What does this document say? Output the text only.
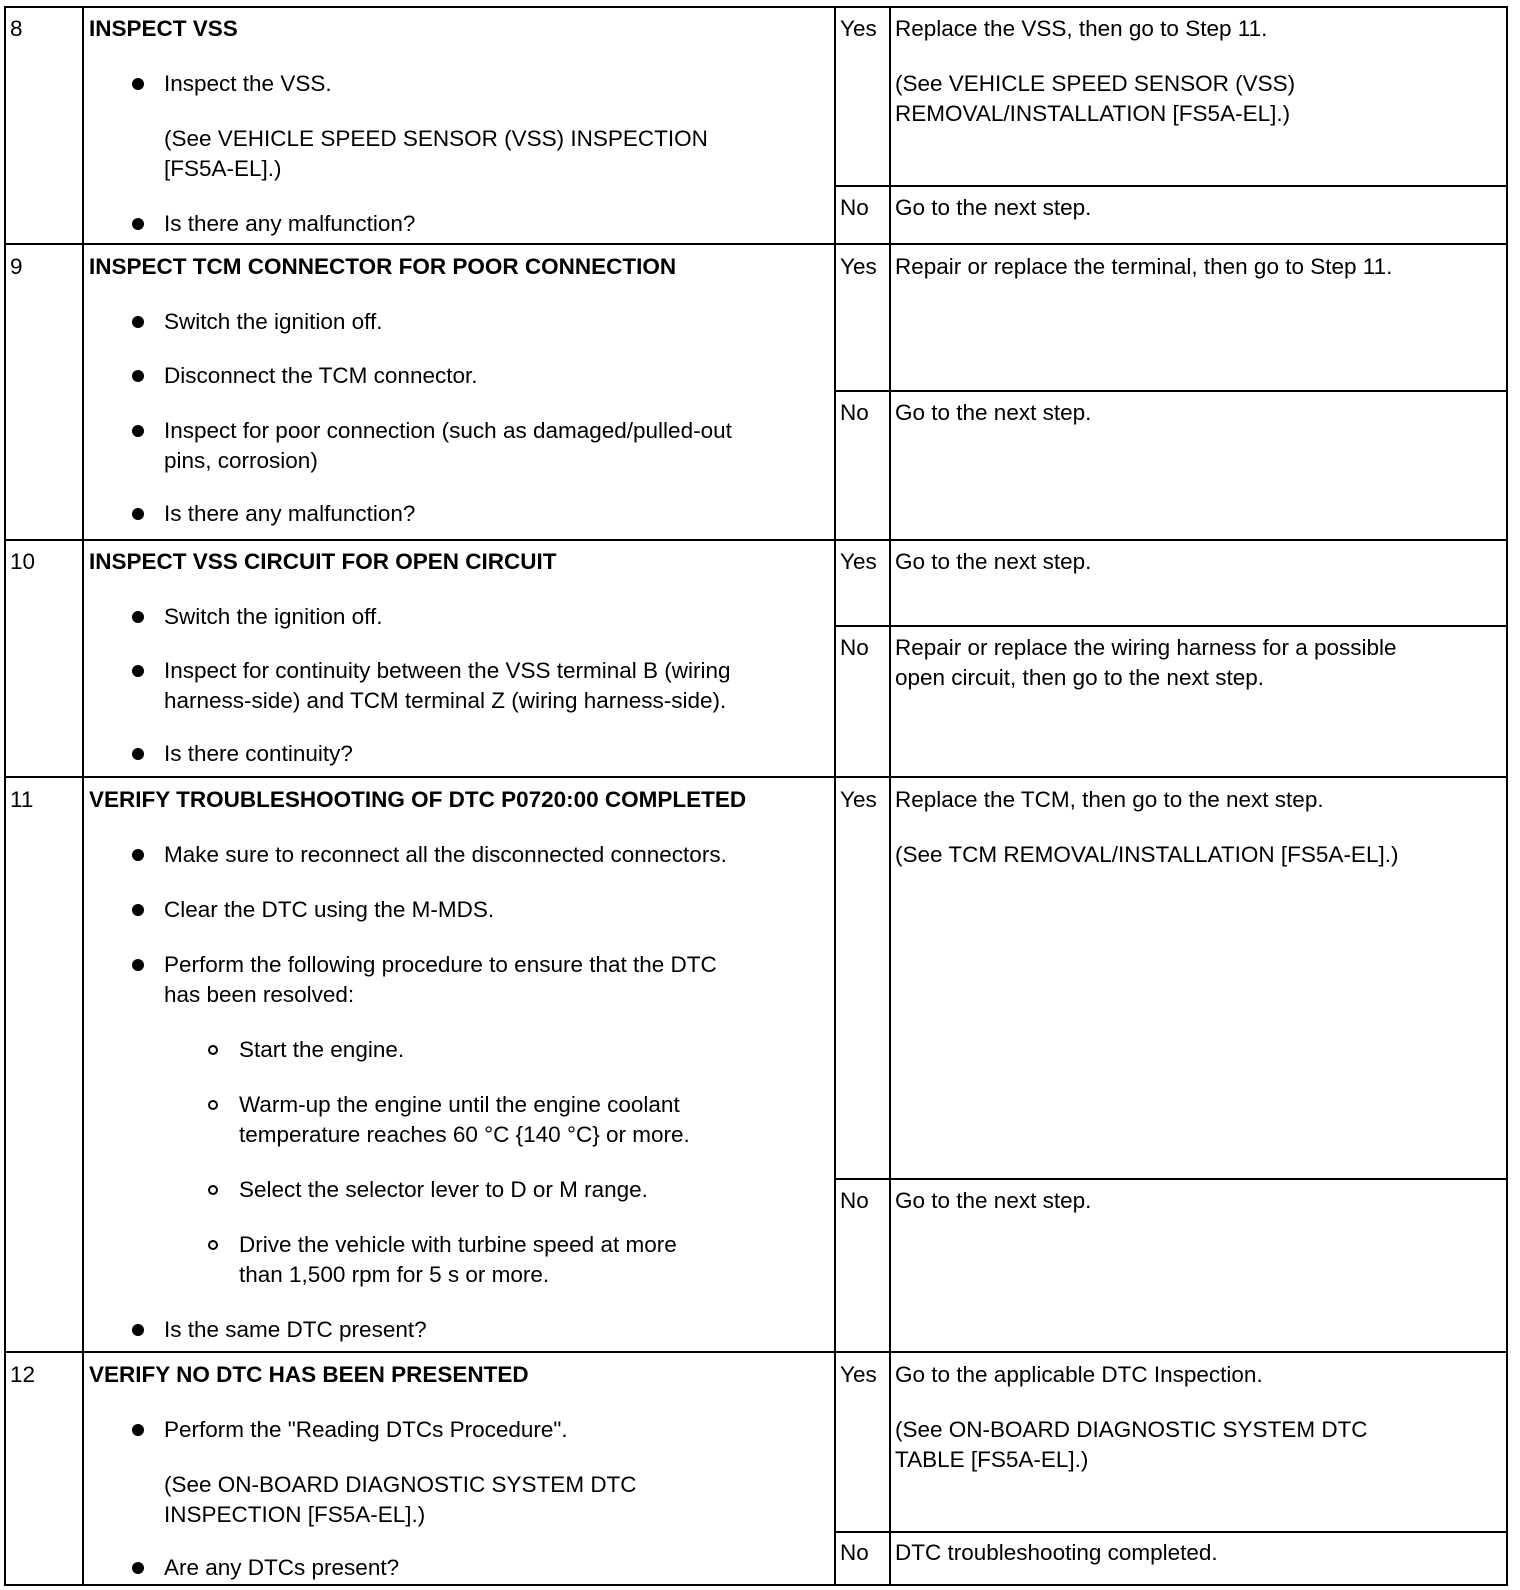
8	INSPECT VSS
Inspect the VSS.
(See VEHICLE SPEED SENSOR (VSS) INSPECTION
[FS5A-EL].)
Is there any malfunction?
Yes Replace the VSS, then go to Step 11.
(See VEHICLE SPEED SENSOR (VSS)
REMOVAL/INSTALLATION [FS5A-EL].)
No Go to the next step.
9	INSPECT TCM CONNECTOR FOR POOR CONNECTION
Switch the ignition off.
Disconnect the TCM connector.
Inspect for poor connection (such as damaged/pulled-out
pins, corrosion)
Is there any malfunction?
Yes Repair or replace the terminal, then go to Step 11.
No Go to the next step.
10 INSPECT VSS CIRCUIT FOR OPEN CIRCUIT
Switch the ignition off.
Inspect for continuity between the VSS terminal B (wiring
harness-side) and TCM terminal Z (wiring harness-side).
Is there continuity?
Yes Go to the next step.
No Repair or replace the wiring harness for a possible
open circuit, then go to the next step.
11 VERIFY TROUBLESHOOTING OF DTC P0720:00 COMPLETED
Make sure to reconnect all the disconnected connectors.
Clear the DTC using the M-MDS.
Perform the following procedure to ensure that the DTC
has been resolved:
Start the engine.
Warm-up the engine until the engine coolant
temperature reaches 60 °C {140 °C} or more.
Select the selector lever to D or M range.
Drive the vehicle with turbine speed at more
than 1,500 rpm for 5 s or more.
Is the same DTC present?
Yes Replace the TCM, then go to the next step.
(See TCM REMOVAL/INSTALLATION [FS5A-EL].)
No Go to the next step.
12 VERIFY NO DTC HAS BEEN PRESENTED
Perform the "Reading DTCs Procedure".
(See ON-BOARD DIAGNOSTIC SYSTEM DTC
INSPECTION [FS5A-EL].)
Are any DTCs present?
Yes Go to the applicable DTC Inspection.
(See ON-BOARD DIAGNOSTIC SYSTEM DTC
TABLE [FS5A-EL].)
No DTC troubleshooting completed.
